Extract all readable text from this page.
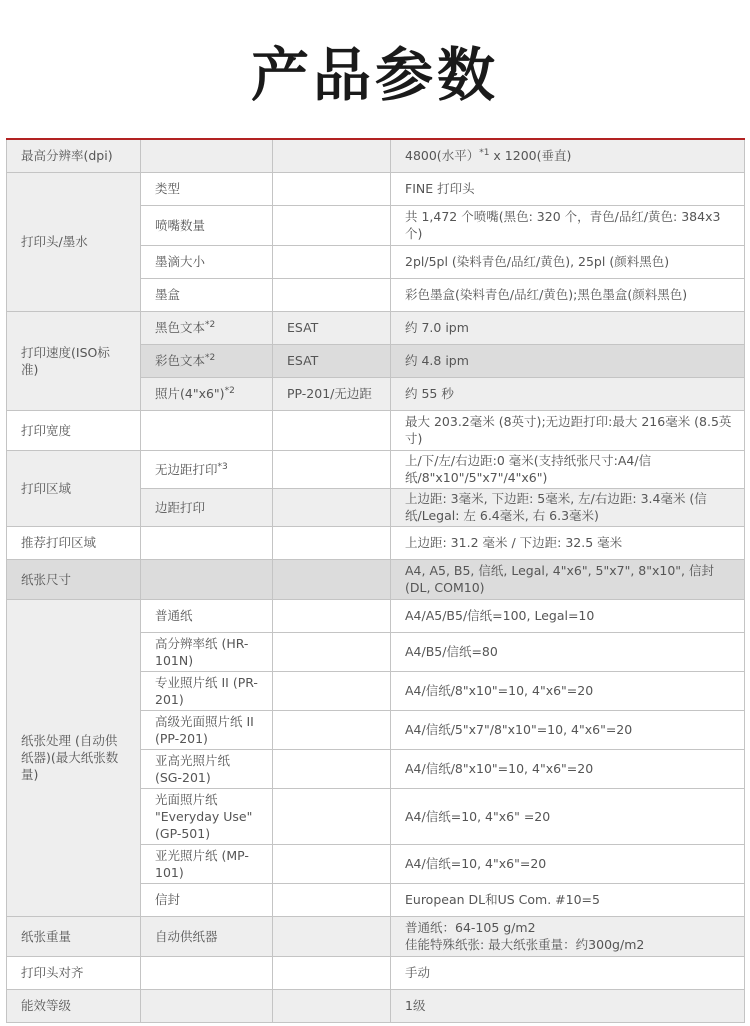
产品参数
最高分辨率(dpi)			4800(水平）$^{*1}$ x 1200(垂直)
打印头/墨水	类型		FINE 打印头
	喷嘴数量		共 1,472 个喷嘴(黑色: 320 个，青色/品红/黄色: 384x3 个)
	墨滴大小		2pl/5pl (染料青色/品红/黄色), 25pl (颜料黑色)
	墨盒		彩色墨盒(染料青色/品红/黄色);黑色墨盒(颜料黑色)
打印速度(ISO标准)	黑色文本$^{*2}$	ESAT	约 7.0 ipm
	彩色文本$^{*2}$	ESAT	约 4.8 ipm
	照片(4"x6")$^{*2}$	PP-201/无边距	约 55 秒
打印宽度			最大 203.2毫米 (8英寸);无边距打印:最大 216毫米 (8.5英寸)
打印区域	无边距打印$^{*3}$		上/下/左/右边距:0 毫米(支持纸张尺寸:A4/信纸/8"x10"/5"x7"/4"x6")
	边距打印		上边距: 3毫米, 下边距: 5毫米, 左/右边距: 3.4毫米 (信纸/Legal: 左 6.4毫米, 右 6.3毫米)
推荐打印区域			上边距: 31.2 毫米 / 下边距: 32.5 毫米
纸张尺寸			A4, A5, B5, 信纸, Legal, 4"x6", 5"x7", 8"x10", 信封(DL, COM10)
纸张处理 (自动供纸器)(最大纸张数量)	普通纸		A4/A5/B5/信纸=100, Legal=10
	高分辨率纸 (HR-101N)		A4/B5/信纸=80
	专业照片纸 II (PR-201)		A4/信纸/8"x10"=10, 4"x6"=20
	高级光面照片纸 II (PP-201)		A4/信纸/5"x7"/8"x10"=10, 4"x6"=20
	亚高光照片纸 (SG-201)		A4/信纸/8"x10"=10, 4"x6"=20
	光面照片纸 "Everyday Use" (GP-501)		A4/信纸=10, 4"x6" =20
	亚光照片纸 (MP-101)		A4/信纸=10, 4"x6"=20
	信封		European DL和US Com. #10=5
纸张重量	自动供纸器		普通纸：64-105 g/m2
佳能特殊纸张: 最大纸张重量：约300g/m2

打印头对齐			手动
能效等级			1级
